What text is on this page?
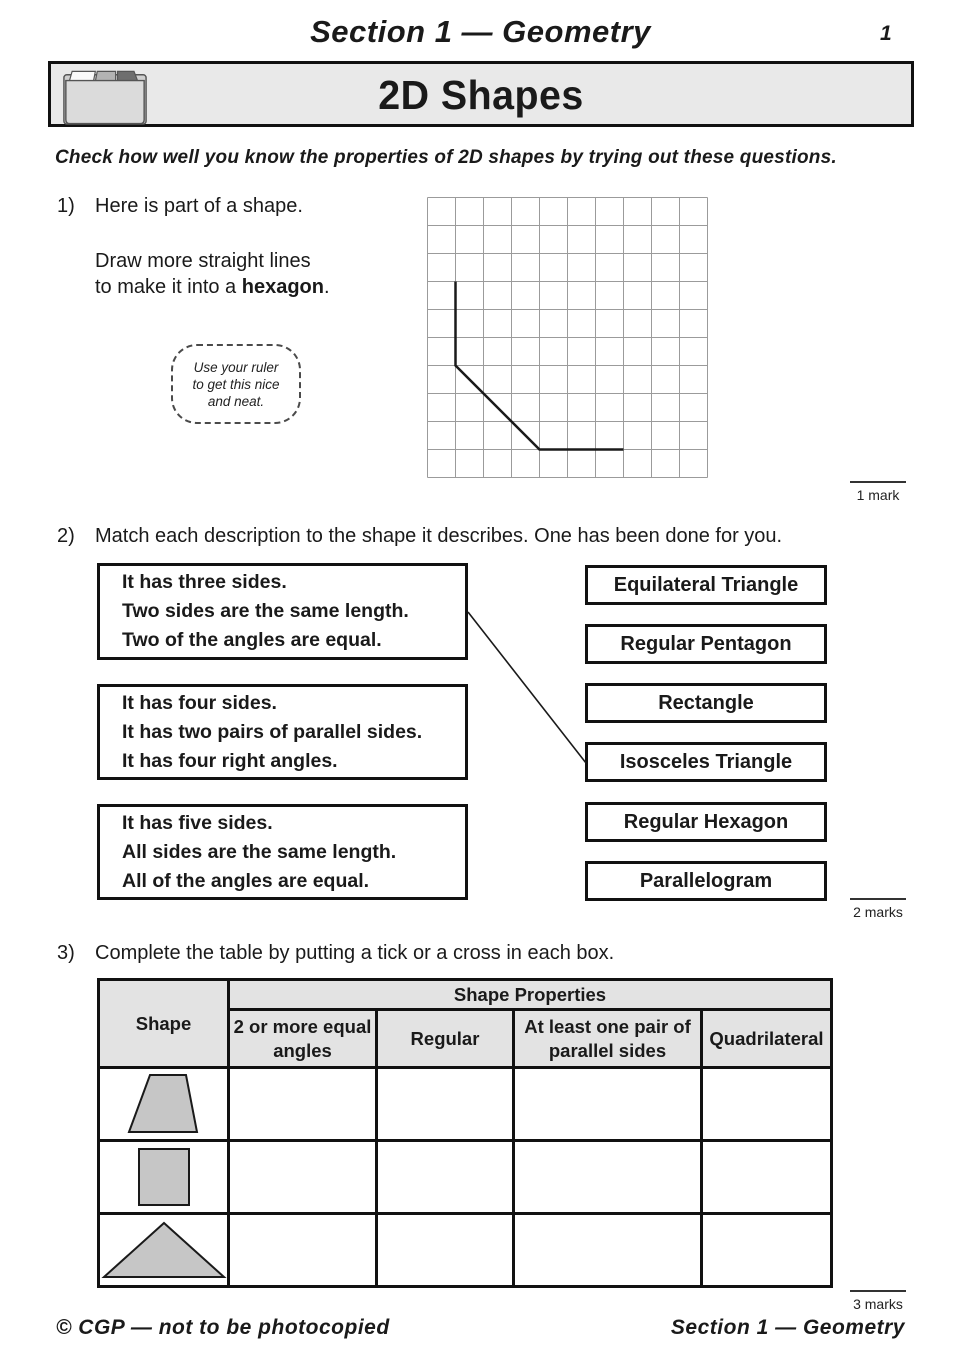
Section 1 — Geometry	1
2D Shapes
Check how well you know the properties of 2D shapes by trying out these questions.
1) Here is part of a shape.
Draw more straight lines
to make it into a hexagon.
Use your ruler
to get this nice
and neat.
1 mark
2) Match each description to the shape it describes. One has been done for you.
It has three sides.
Two sides are the same length.
Two of the angles are equal.
It has four sides.
It has two pairs of parallel sides.
It has four right angles.
It has five sides.
All sides are the same length.
All of the angles are equal.
Equilateral Triangle
Regular Pentagon
Rectangle
Isosceles Triangle
Regular Hexagon
Parallelogram
2 marks
3) Complete the table by putting a tick or a cross in each box.
Shape	Shape Properties			
	2 or more equal angles	Regular	At least one pair of parallel sides	Quadrilateral

3 marks
© CGP — not to be photocopied	Section 1 — Geometry
